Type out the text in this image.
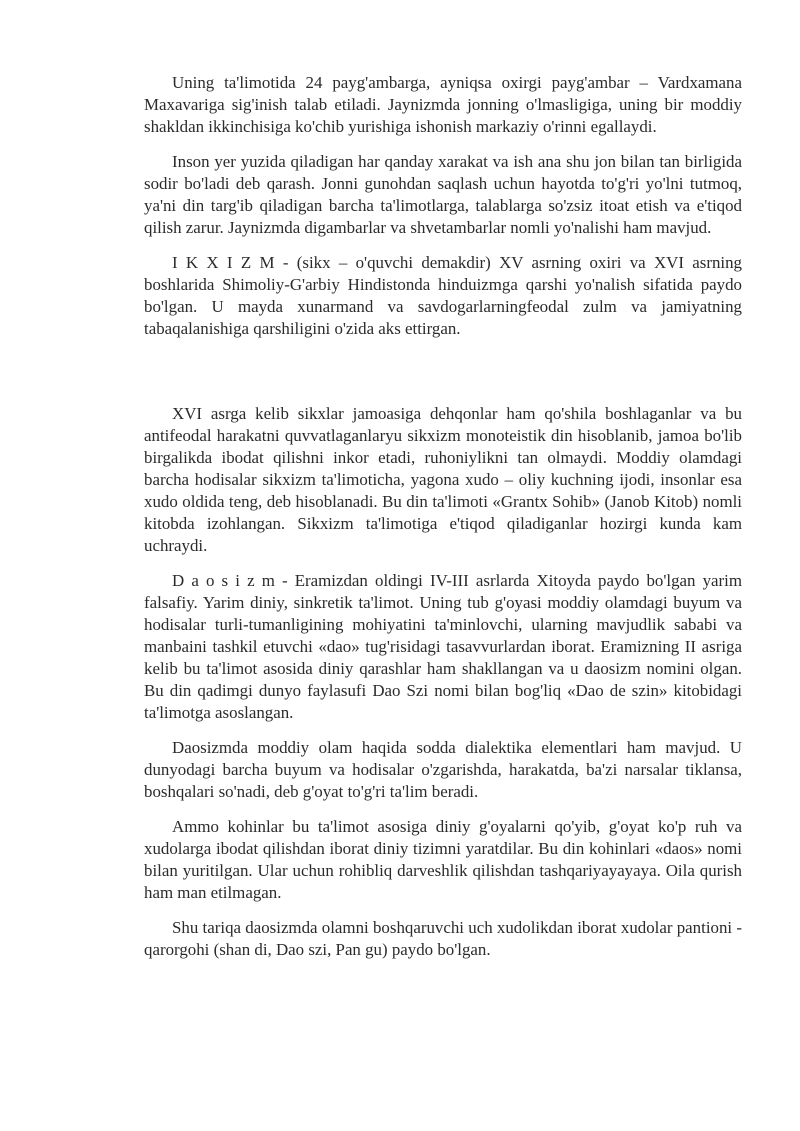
Uning ta'limotida 24 payg'ambarga, ayniqsa oxirgi payg'ambar – Vardxamana Maxavariga sig'inish talab etiladi. Jaynizmda jonning o'lmasligiga, uning bir moddiy shakldan ikkinchisiga ko'chib yurishiga ishonish markaziy o'rinni egallaydi.

Inson yer yuzida qiladigan har qanday xarakat va ish ana shu jon bilan tan birligida sodir bo'ladi deb qarash. Jonni gunohdan saqlash uchun hayotda to'g'ri yo'lni tutmoq, ya'ni din targ'ib qiladigan barcha ta'limotlarga, talablarga so'zsiz itoat etish va e'tiqod qilish zarur. Jaynizmda digambarlar va shvetambarlar nomli yo'nalishi ham mavjud.

I K X I Z M - (sikx – o'quvchi demakdir) XV asrning oxiri va XVI asrning boshlarida Shimoliy-G'arbiy Hindistonda hinduizmga qarshi yo'nalish sifatida paydo bo'lgan. U mayda xunarmand va savdogarlarningfeodal zulm va jamiyatning tabaqalanishiga qarshiligini o'zida aks ettirgan.

XVI asrga kelib sikxlar jamoasiga dehqonlar ham qo'shila boshlaganlar va bu antifeodal harakatni quvvatlaganlaryu sikxizm monoteistik din hisoblanib, jamoa bo'lib birgalikda ibodat qilishni inkor etadi, ruhoniylikni tan olmaydi. Moddiy olamdagi barcha hodisalar sikxizm ta'limoticha, yagona xudo – oliy kuchning ijodi, insonlar esa xudo oldida teng, deb hisoblanadi. Bu din ta'limoti «Grantx Sohib» (Janob Kitob) nomli kitobda izohlangan. Sikxizm ta'limotiga e'tiqod qiladiganlar hozirgi kunda kam uchraydi.

D a o s i z m - Eramizdan oldingi IV-III asrlarda Xitoyda paydo bo'lgan yarim falsafiy. Yarim diniy, sinkretik ta'limot. Uning tub g'oyasi moddiy olamdagi buyum va hodisalar turli-tumanligining mohiyatini ta'minlovchi, ularning mavjudlik sababi va manbaini tashkil etuvchi «dao» tug'risidagi tasavvurlardan iborat. Eramizning II asriga kelib bu ta'limot asosida diniy qarashlar ham shakllangan va u daosizm nomini olgan. Bu din qadimgi dunyo faylasufi Dao Szi nomi bilan bog'liq «Dao de szin» kitobidagi ta'limotga asoslangan.

Daosizmda moddiy olam haqida sodda dialektika elementlari ham mavjud. U dunyodagi barcha buyum va hodisalar o'zgarishda, harakatda, ba'zi narsalar tiklansa, boshqalari so'nadi, deb g'oyat to'g'ri ta'lim beradi.

Ammo kohinlar bu ta'limot asosiga diniy g'oyalarni qo'yib, g'oyat ko'p ruh va xudolarga ibodat qilishdan iborat diniy tizimni yaratdilar. Bu din kohinlari «daos» nomi bilan yuritilgan. Ular uchun rohibliq darveshlik qilishdan tashqariyayayaya. Oila qurish ham man etilmagan.

Shu tariqa daosizmda olamni boshqaruvchi uch xudolikdan iborat xudolar pantioni - qarorgohi (shan di, Dao szi, Pan gu) paydo bo'lgan.
